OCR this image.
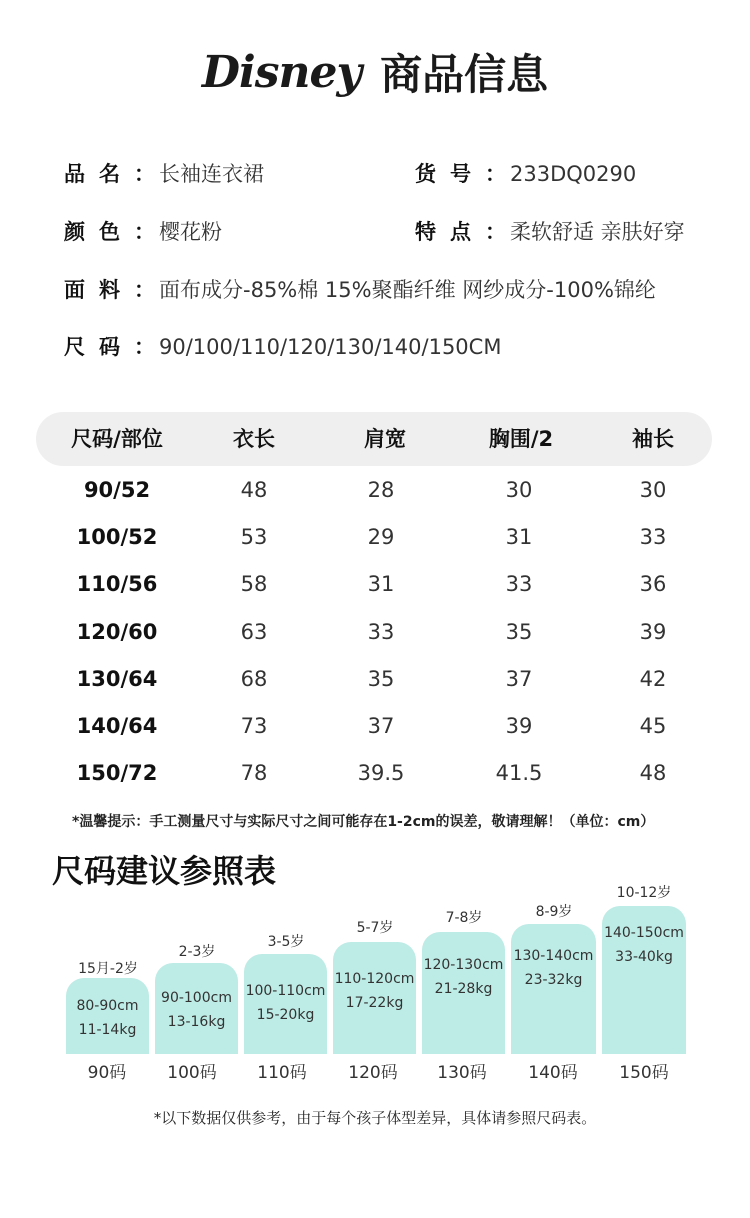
Disney 商品信息
品名： 长袖连衣裙	货号： 233DQ0290
颜色： 樱花粉	特点： 柔软舒适 亲肤好穿
面料： 面布成分-85%棉 15%聚酯纤维 网纱成分-100%锦纶
尺码： 90/100/110/120/130/140/150CM
尺码/部位	衣长	肩宽	胸围/2	袖长
90/52	48	28	30	30
100/52	53	29	31	33
110/56	58	31	33	36
120/60	63	33	35	39
130/64	68	35	37	42
140/64	73	37	39	45
150/72	78	39.5	41.5	48
*温馨提示：手工测量尺寸与实际尺寸之间可能存在1-2cm的误差，敬请理解！（单位：cm）
尺码建议参照表
15月-2岁
2-3岁
3-5岁
5-7岁
7-8岁	8-9岁
10-12岁
80-90cm
11-14kg
90-100cm
13-16kg
100-110cm
15-20kg
110-120cm
17-22kg
120-130cm
21-28kg
130-140cm
23-32kg
140-150cm
33-40kg
90码 100码 110码 120码 130码 140码 150码
*以下数据仅供参考，由于每个孩子体型差异，具体请参照尺码表。
